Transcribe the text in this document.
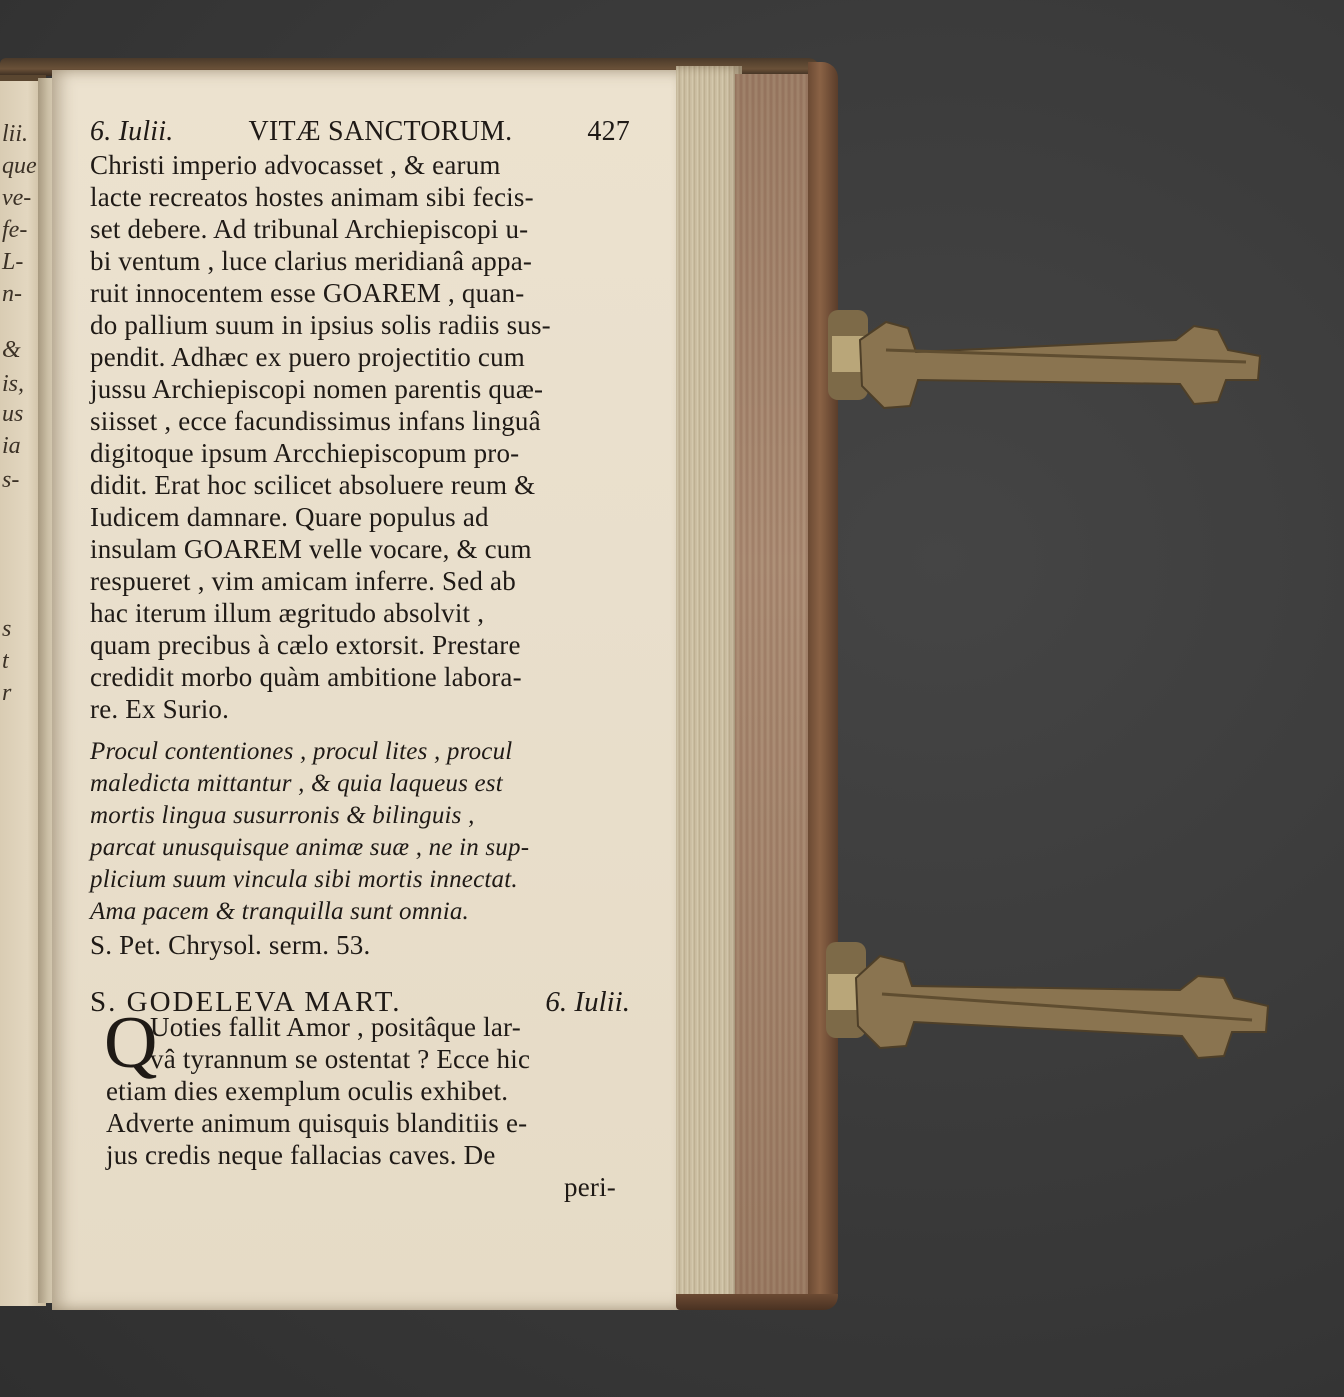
lii.
que
ve-
fe-
L-
n-
&
is,
us
ia
s-
s
t
r
6. Iulii.	VITÆ SANCTORUM.	427
Christi imperio advocasset , & earum
lacte recreatos hostes animam sibi fecis-
set debere. Ad tribunal Archiepiscopi u-
bi ventum , luce clarius meridianâ appa-
ruit innocentem esse GOAREM , quan-
do pallium suum in ipsius solis radiis sus-
pendit. Adhæc ex puero projectitio cum
jussu Archiepiscopi nomen parentis quæ-
siisset , ecce facundissimus infans linguâ
digitoque ipsum Arcchiepiscopum pro-
didit. Erat hoc scilicet absoluere reum &
Iudicem damnare. Quare populus ad
insulam GOAREM velle vocare, & cum
respueret , vim amicam inferre. Sed ab
hac iterum illum ægritudo absolvit ,
quam precibus à cælo extorsit. Prestare
credidit morbo quàm ambitione labora-
re. Ex Surio.
Procul contentiones , procul lites , procul
maledicta mittantur , & quia laqueus est
mortis lingua susurronis & bilinguis ,
parcat unusquisque animæ suæ , ne in sup-
plicium suum vincula sibi mortis innectat.
Ama pacem & tranquilla sunt omnia.
S. Pet. Chrysol. serm. 53.
S. GODELEVA MART.	6. Iulii.
Q
Uoties fallit Amor , positâque lar-
vâ tyrannum se ostentat ? Ecce hic
etiam dies exemplum oculis exhibet.
Adverte animum quisquis blanditiis e-
jus credis neque fallacias caves. De
peri-
